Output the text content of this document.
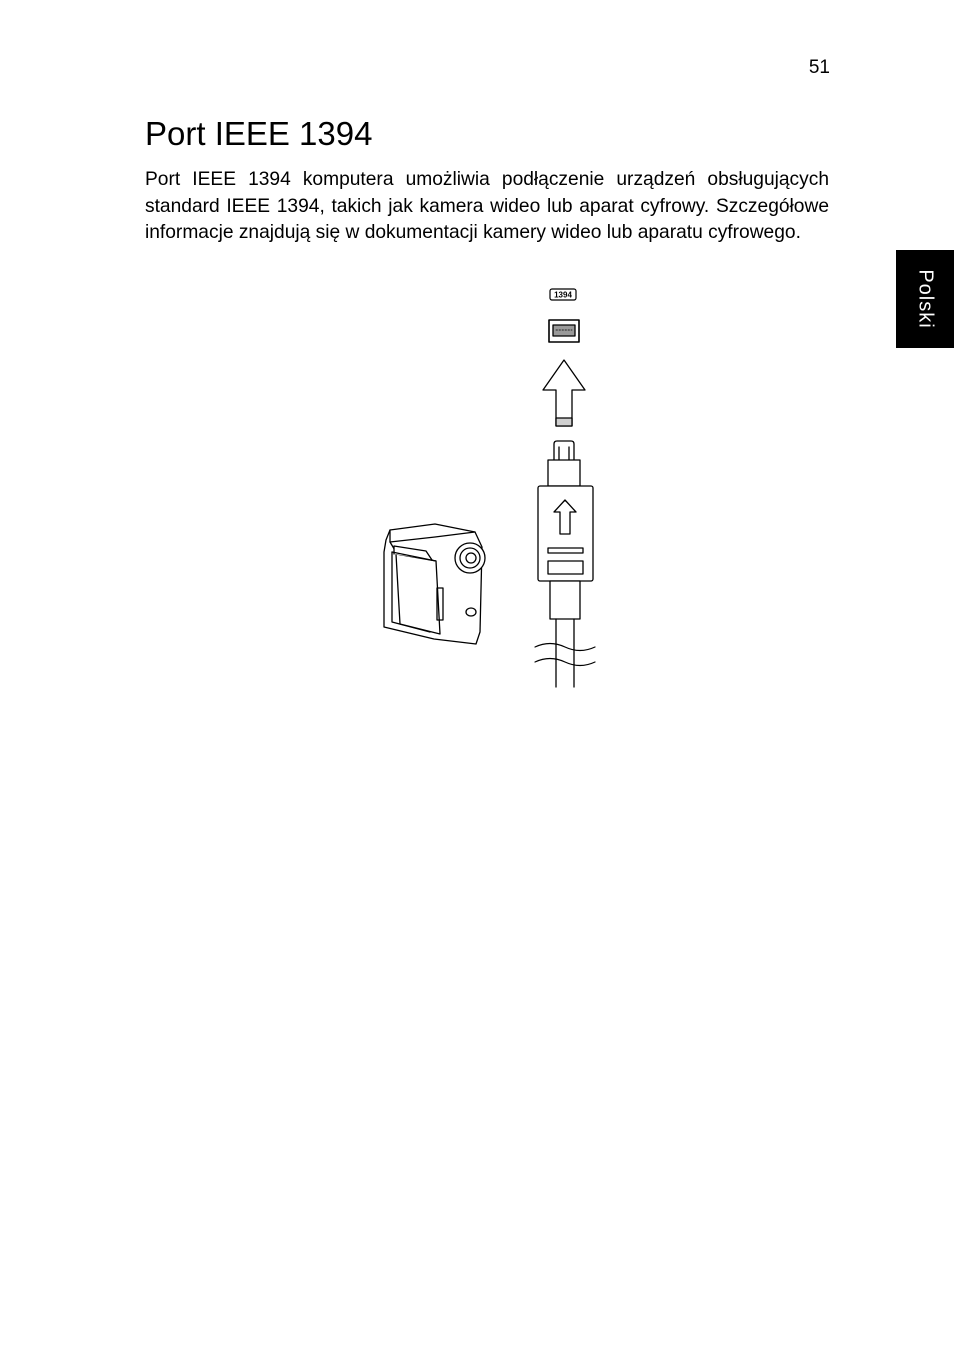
51
Polski
Port IEEE 1394

Port IEEE 1394 komputera umożliwia podłączenie urządzeń obsługujących standard IEEE 1394, takich jak kamera wideo lub aparat cyfrowy. Szczegółowe informacje znajdują się w dokumentacji kamery wideo lub aparatu cyfrowego.

1394
